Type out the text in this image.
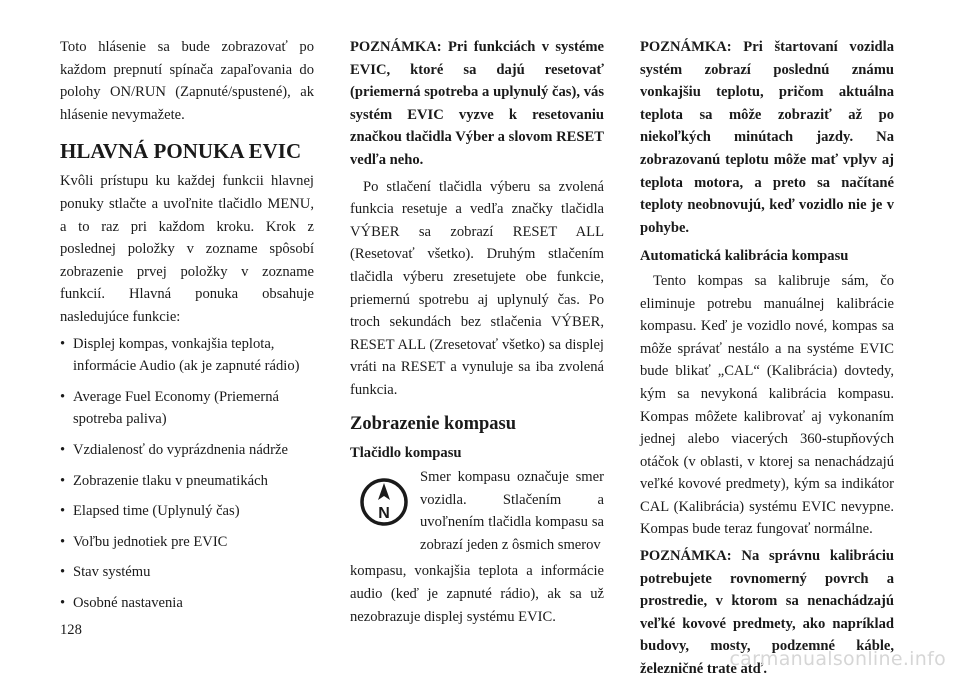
Toto hlásenie sa bude zobrazovať po každom prepnutí spínača zapaľovania do polohy ON/RUN (Zapnuté/spustené), ak hlásenie nevymažete.

HLAVNÁ PONUKA EVIC

Kvôli prístupu ku každej funkcii hlavnej ponuky stlačte a uvoľnite tlačidlo MENU, a to raz pri každom kroku. Krok z poslednej položky v zozname spôsobí zobrazenie prvej položky v zozname funkcií. Hlavná ponuka obsahuje nasledujúce funkcie:

• Displej kompas, vonkajšia teplota, informácie Audio (ak je zapnuté rádio)
• Average Fuel Economy (Priemerná spotreba paliva)
• Vzdialenosť do vyprázdnenia nádrže
• Zobrazenie tlaku v pneumatikách
• Elapsed time (Uplynulý čas)
• Voľbu jednotiek pre EVIC
• Stav systému
• Osobné nastavenia

POZNÁMKA: Pri funkciách v systéme EVIC, ktoré sa dajú resetovať (priemerná spotreba a uplynulý čas), vás systém EVIC vyzve k resetovaniu značkou tlačidla Výber a slovom RESET vedľa neho.

Po stlačení tlačidla výberu sa zvolená funkcia resetuje a vedľa značky tlačidla VÝBER sa zobrazí RESET ALL (Resetovať všetko). Druhým stlačením tlačidla výberu zresetujete obe funkcie, priemernú spotrebu aj uplynulý čas. Po troch sekundách bez stlačenia VÝBER, RESET ALL (Zresetovať všetko) sa displej vráti na RESET a vynuluje sa iba zvolená funkcia.

Zobrazenie kompasu
Tlačidlo kompasu
N

Smer kompasu označuje smer vozidla. Stlačením a uvoľnením tlačidla kompasu sa zobrazí jeden z ôsmich smerov

kompasu, vonkajšia teplota a informácie audio (keď je zapnuté rádio), ak sa už nezobrazuje displej systému EVIC.

POZNÁMKA: Pri štartovaní vozidla systém zobrazí poslednú známu vonkajšiu teplotu, pričom aktuálna teplota sa môže zobraziť až po niekoľkých minútach jazdy. Na zobrazovanú teplotu môže mať vplyv aj teplota motora, a preto sa načítané teploty neobnovujú, keď vozidlo nie je v pohybe.

Automatická kalibrácia kompasu

Tento kompas sa kalibruje sám, čo eliminuje potrebu manuálnej kalibrácie kompasu. Keď je vozidlo nové, kompas sa môže správať nestálo a na systéme EVIC bude blikať „CAL“ (Kalibrácia) dovtedy, kým sa nevykoná kalibrácia kompasu. Kompas môžete kalibrovať aj vykonaním jednej alebo viacerých 360-stupňových otáčok (v oblasti, v ktorej sa nenachádzajú veľké kovové predmety), kým sa indikátor CAL (Kalibrácia) systému EVIC nevypne. Kompas bude teraz fungovať normálne.

POZNÁMKA: Na správnu kalibráciu potrebujete rovnomerný povrch a prostredie, v ktorom sa nenachádzajú veľké kovové predmety, ako napríklad budovy, mosty, podzemné káble, železničné trate atď.

128
carmanualsonline.info
